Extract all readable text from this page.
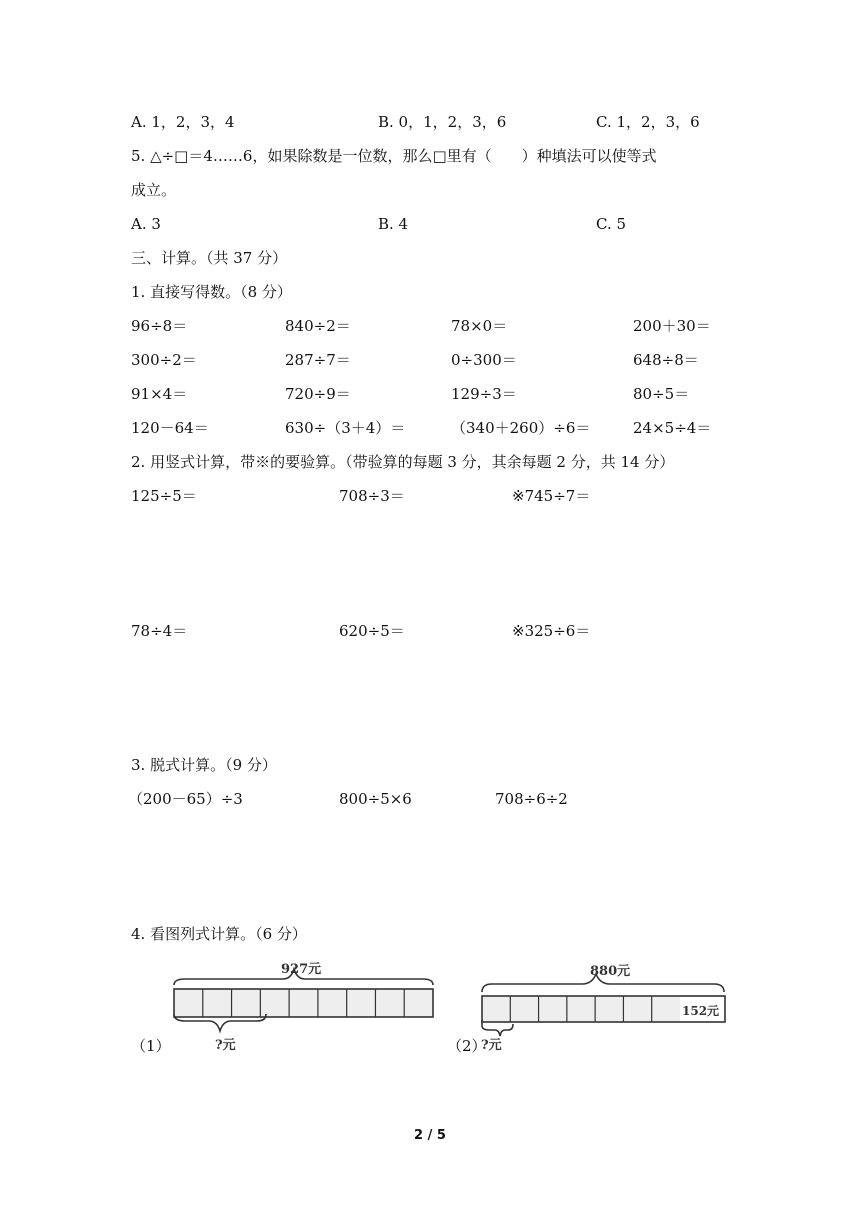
A. 1，2，3，4	B. 0，1，2，3，6	C. 1，2，3，6
5. △÷□＝4……6，如果除数是一位数，那么□里有（　　）种填法可以使等式
成立。
A. 3	B. 4	C. 5
三、计算。（共 37 分）
1. 直接写得数。（8 分）
96÷8＝	840÷2＝	78×0＝	200＋30＝
300÷2＝	287÷7＝	0÷300＝	648÷8＝
91×4＝	720÷9＝	129÷3＝	80÷5＝
120－64＝	630÷（3＋4）＝	（340＋260）÷6＝	24×5÷4＝
2. 用竖式计算，带※的要验算。（带验算的每题 3 分，其余每题 2 分，共 14 分）
125÷5＝	708÷3＝	※745÷7＝
78÷4＝	620÷5＝	※325÷6＝
3. 脱式计算。（9 分）
（200－65）÷3	800÷5×6	708÷6÷2
4. 看图列式计算。（6 分）
（1）
927元
?元	（2）
880元
152元
?元
2 / 5
